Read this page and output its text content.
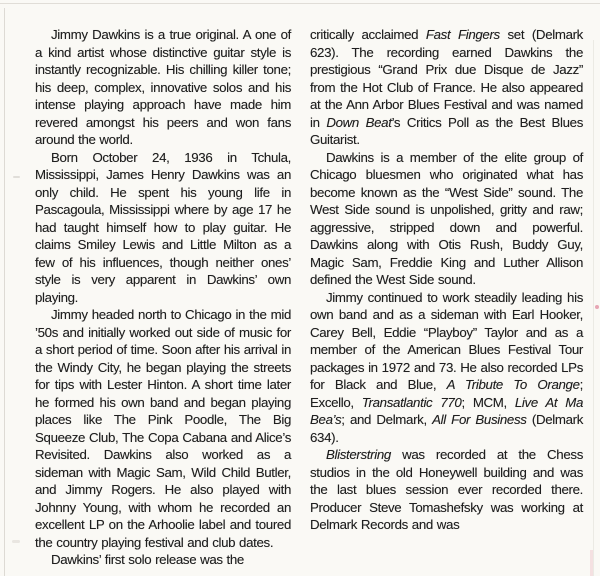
Jimmy Dawkins is a true original. A one of a kind artist whose distinctive guitar style is instantly recognizable. His chilling killer tone; his deep, complex, innovative solos and his intense playing approach have made him revered amongst his peers and won fans around the world.

Born October 24, 1936 in Tchula, Mississippi, James Henry Dawkins was an only child. He spent his young life in Pascagoula, Mississippi where by age 17 he had taught himself how to play guitar. He claims Smiley Lewis and Little Milton as a few of his influences, though neither ones’ style is very apparent in Dawkins’ own playing.

Jimmy headed north to Chicago in the mid ’50s and initially worked out side of music for a short period of time. Soon after his arrival in the Windy City, he began playing the streets for tips with Lester Hinton. A short time later he formed his own band and began playing places like The Pink Poodle, The Big Squeeze Club, The Copa Cabana and Alice’s Revisited. Dawkins also worked as a sideman with Magic Sam, Wild Child Butler, and Jimmy Rogers. He also played with Johnny Young, with whom he recorded an excellent LP on the Arhoolie label and toured the country playing festival and club dates.

Dawkins’ first solo release was the

critically acclaimed Fast Fingers set (Delmark 623). The recording earned Dawkins the prestigious “Grand Prix due Disque de Jazz” from the Hot Club of France. He also appeared at the Ann Arbor Blues Festival and was named in Down Beat’s Critics Poll as the Best Blues Guitarist.

Dawkins is a member of the elite group of Chicago bluesmen who originated what has become known as the “West Side” sound. The West Side sound is unpolished, gritty and raw; aggressive, stripped down and powerful. Dawkins along with Otis Rush, Buddy Guy, Magic Sam, Freddie King and Luther Allison defined the West Side sound.

Jimmy continued to work steadily leading his own band and as a sideman with Earl Hooker, Carey Bell, Eddie “Playboy” Taylor and as a member of the American Blues Festival Tour packages in 1972 and 73. He also recorded LPs for Black and Blue, A Tribute To Orange; Excello, Transatlantic 770; MCM, Live At Ma Bea’s; and Delmark, All For Business (Delmark 634).

Blisterstring was recorded at the Chess studios in the old Honeywell building and was the last blues session ever recorded there. Producer Steve Tomashefsky was working at Delmark Records and was
